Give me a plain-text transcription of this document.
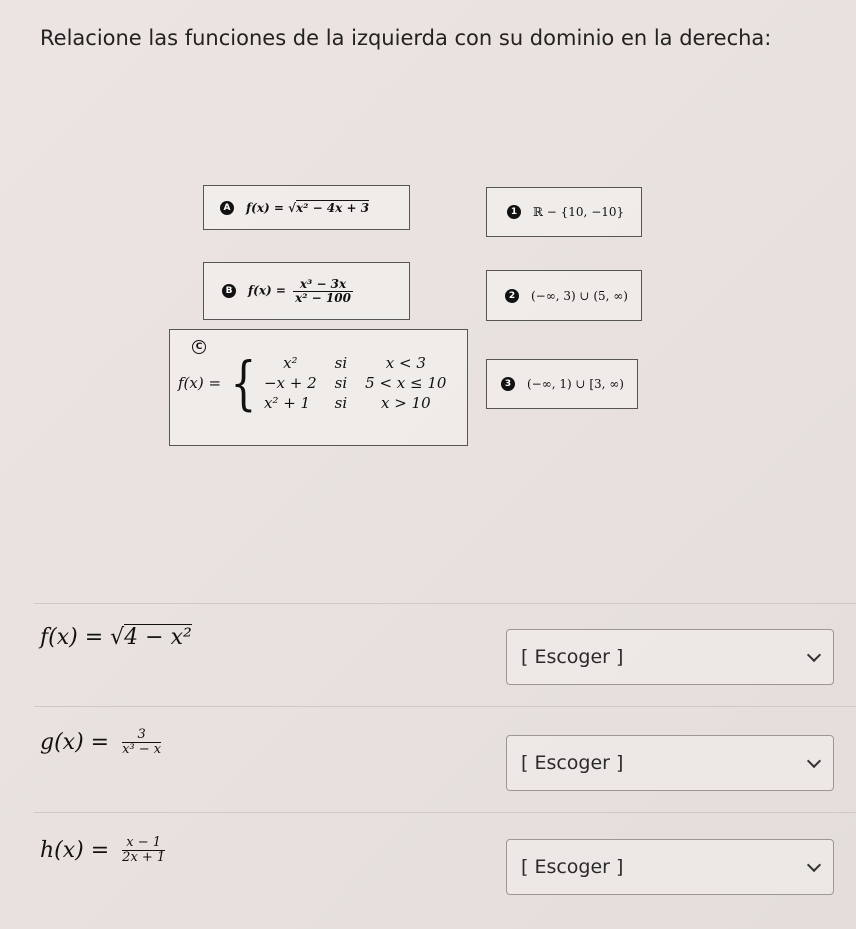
Relacione las funciones de la izquierda con su dominio en la derecha:
A f(x) = √x² − 4x + 3
B $f(x) = \frac{\text{x³ − 3x}}{\text{x² − 100}}$
C
f(x) = {	x²	si	x < 3
−x + 2 si 5 < x ≤ 10
x² + 1	si	x > 10
1	ℝ − {10, −10}
2	(−∞, 3) ∪ (5, ∞)
3	(−∞, 1) ∪ [3, ∞)
f(x) = √4 − x²
[ Escoger ]
$g(x) = \frac{3}{\text{x³ − x}}$
[ Escoger ]
$h(x) = \frac{x - 1}{2x + 1}$
[ Escoger ]
